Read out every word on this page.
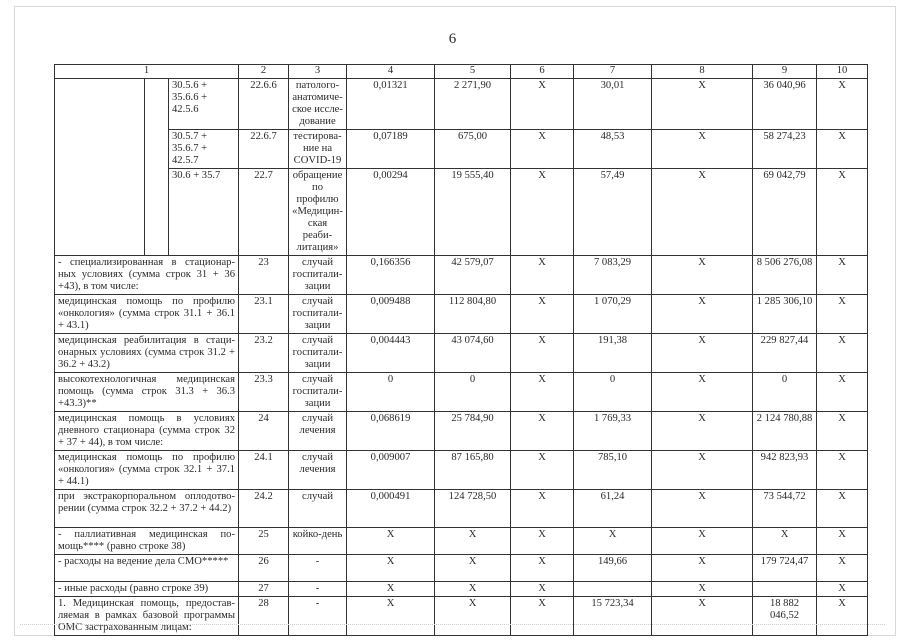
6
1			2	3	4	5	6	7	8	9	10
		30.5.6 + 35.6.6 + 42.5.6	22.6.6	патолого-анатомиче-ское иссле-дование	0,01321	2 271,90	X	30,01	X	36 040,96	X
		30.5.7 + 35.6.7 + 42.5.7	22.6.7	тестирова-ние на COVID-19	0,07189	675,00	X	48,53	X	58 274,23	X
		30.6 + 35.7	22.7	обращение по профилю «Медицин-ская реаби-литация»	0,00294	19 555,40	X	57,49	X	69 042,79	X
- специализированная в стационар-ных условиях (сумма строк 31 + 36 +43), в том числе:			23	случай госпитали-зации	0,166356	42 579,07	X	7 083,29	X	8 506 276,08	X
медицинская помощь по профилю «онкология» (сумма строк 31.1 + 36.1 + 43.1)			23.1	случай госпитали-зации	0,009488	112 804,80	X	1 070,29	X	1 285 306,10	X
медицинская реабилитация в стаци-онарных условиях (сумма строк 31.2 + 36.2 + 43.2)			23.2	случай госпитали-зации	0,004443	43 074,60	X	191,38	X	229 827,44	X
высокотехнологичная медицинская помощь (сумма строк 31.3 + 36.3 +43.3)**			23.3	случай госпитали-зации	0	0	X	0	X	0	X
медицинская помощь в условиях дневного стационара (сумма строк 32 + 37 + 44), в том числе:			24	случай лечения	0,068619	25 784,90	X	1 769,33	X	2 124 780,88	X
медицинская помощь по профилю «онкология» (сумма строк 32.1 + 37.1 + 44.1)			24.1	случай лечения	0,009007	87 165,80	X	785,10	X	942 823,93	X
при экстракорпоральном оплодотво-рении (сумма строк 32.2 + 37.2 + 44.2)			24.2	случай	0,000491	124 728,50	X	61,24	X	73 544,72	X
- паллиативная медицинская по-мощь**** (равно строке 38)			25	койко-день	X	X	X	X	X	X	X
- расходы на ведение дела СМО*****			26	-	X	X	X	149,66	X	179 724,47	X
- иные расходы (равно строке 39)			27	-	X	X	X		X		X
1. Медицинская помощь, предостав-ляемая в рамках базовой программы ОМС застрахованным лицам:			28	-	X	X	X	15 723,34	X	18 882 046,52	X
